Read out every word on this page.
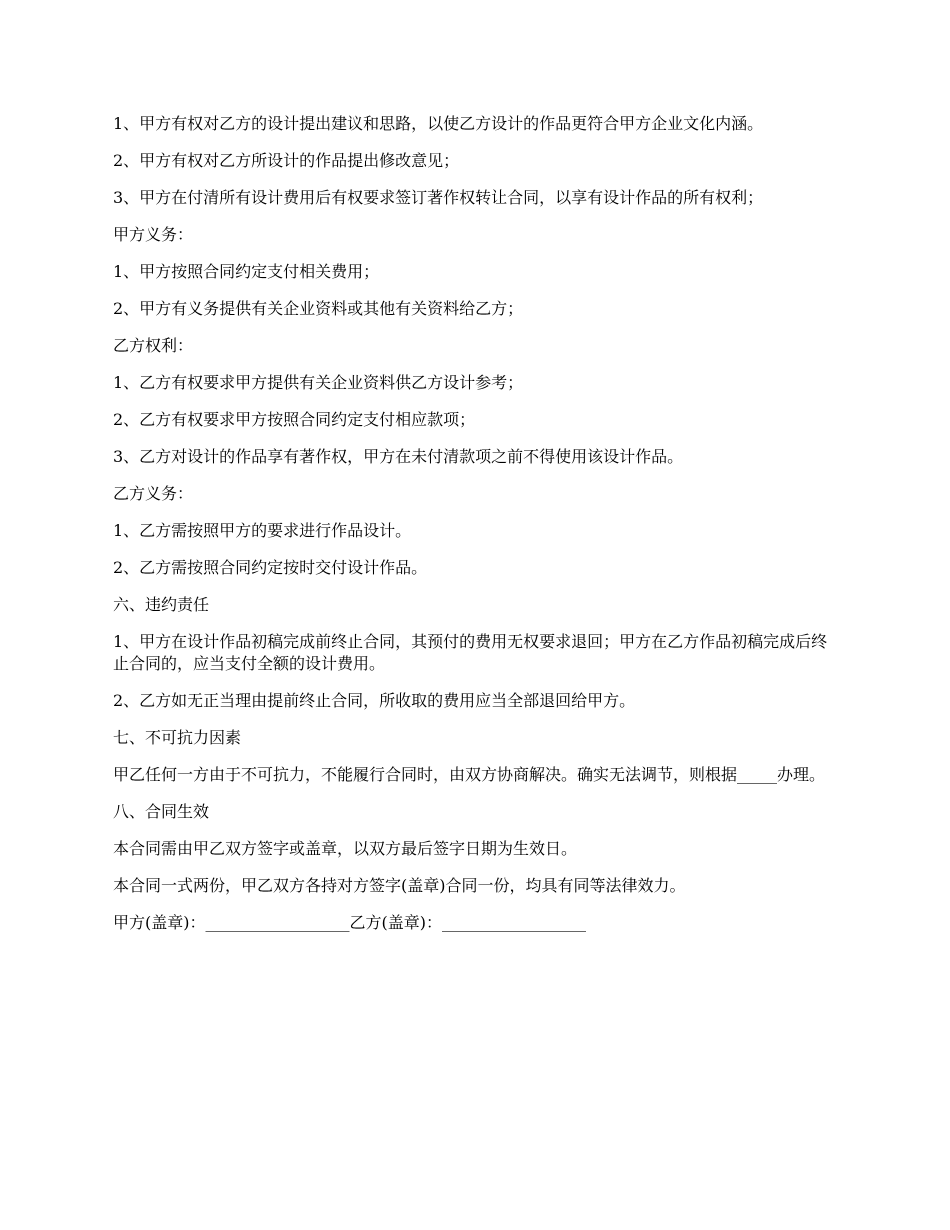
1、甲方有权对乙方的设计提出建议和思路，以使乙方设计的作品更符合甲方企业文化内涵。

2、甲方有权对乙方所设计的作品提出修改意见；

3、甲方在付清所有设计费用后有权要求签订著作权转让合同，以享有设计作品的所有权利；

甲方义务：

1、甲方按照合同约定支付相关费用；

2、甲方有义务提供有关企业资料或其他有关资料给乙方；

乙方权利：

1、乙方有权要求甲方提供有关企业资料供乙方设计参考；

2、乙方有权要求甲方按照合同约定支付相应款项；

3、乙方对设计的作品享有著作权，甲方在未付清款项之前不得使用该设计作品。

乙方义务：

1、乙方需按照甲方的要求进行作品设计。

2、乙方需按照合同约定按时交付设计作品。

六、违约责任

1、甲方在设计作品初稿完成前终止合同，其预付的费用无权要求退回；甲方在乙方作品初稿完成后终止合同的，应当支付全额的设计费用。

2、乙方如无正当理由提前终止合同，所收取的费用应当全部退回给甲方。

七、不可抗力因素

甲乙任何一方由于不可抗力，不能履行合同时，由双方协商解决。确实无法调节，则根据_____办理。

八、合同生效

本合同需由甲乙双方签字或盖章，以双方最后签字日期为生效日。

本合同一式两份，甲乙双方各持对方签字(盖章)合同一份，均具有同等法律效力。

甲方(盖章)：__________________乙方(盖章)：__________________
